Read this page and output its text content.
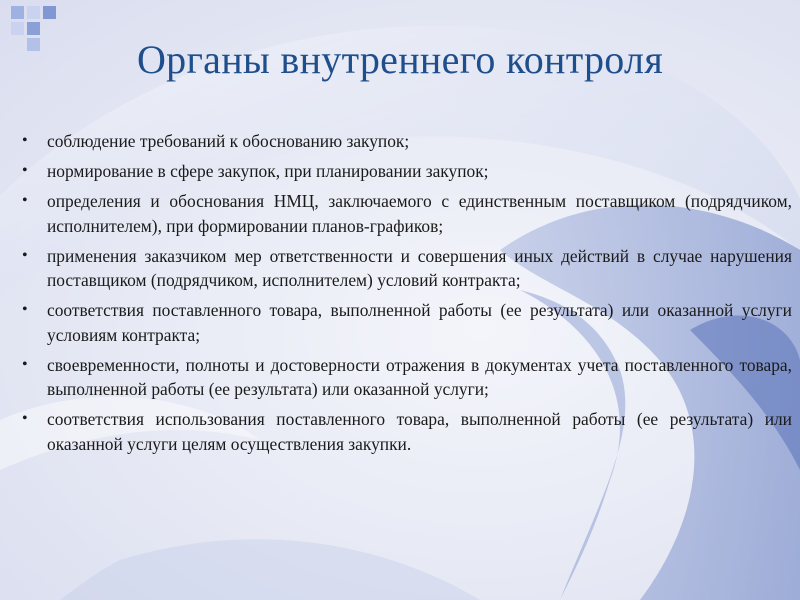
Органы внутреннего контроля
•	соблюдение требований к обоснованию закупок;
•	нормирование в сфере закупок, при планировании закупок;
•	определения и обоснования НМЦ, заключаемого с единственным поставщиком (подрядчиком, исполнителем), при формировании планов-графиков;
•	применения заказчиком мер ответственности и совершения иных действий в случае нарушения поставщиком (подрядчиком, исполнителем) условий контракта;
•	соответствия поставленного товара, выполненной работы (ее результата) или оказанной услуги условиям контракта;
•	своевременности, полноты и достоверности отражения в документах учета поставленного товара, выполненной работы (ее результата) или оказанной услуги;
•	соответствия использования поставленного товара, выполненной работы (ее результата) или оказанной услуги целям осуществления закупки.
